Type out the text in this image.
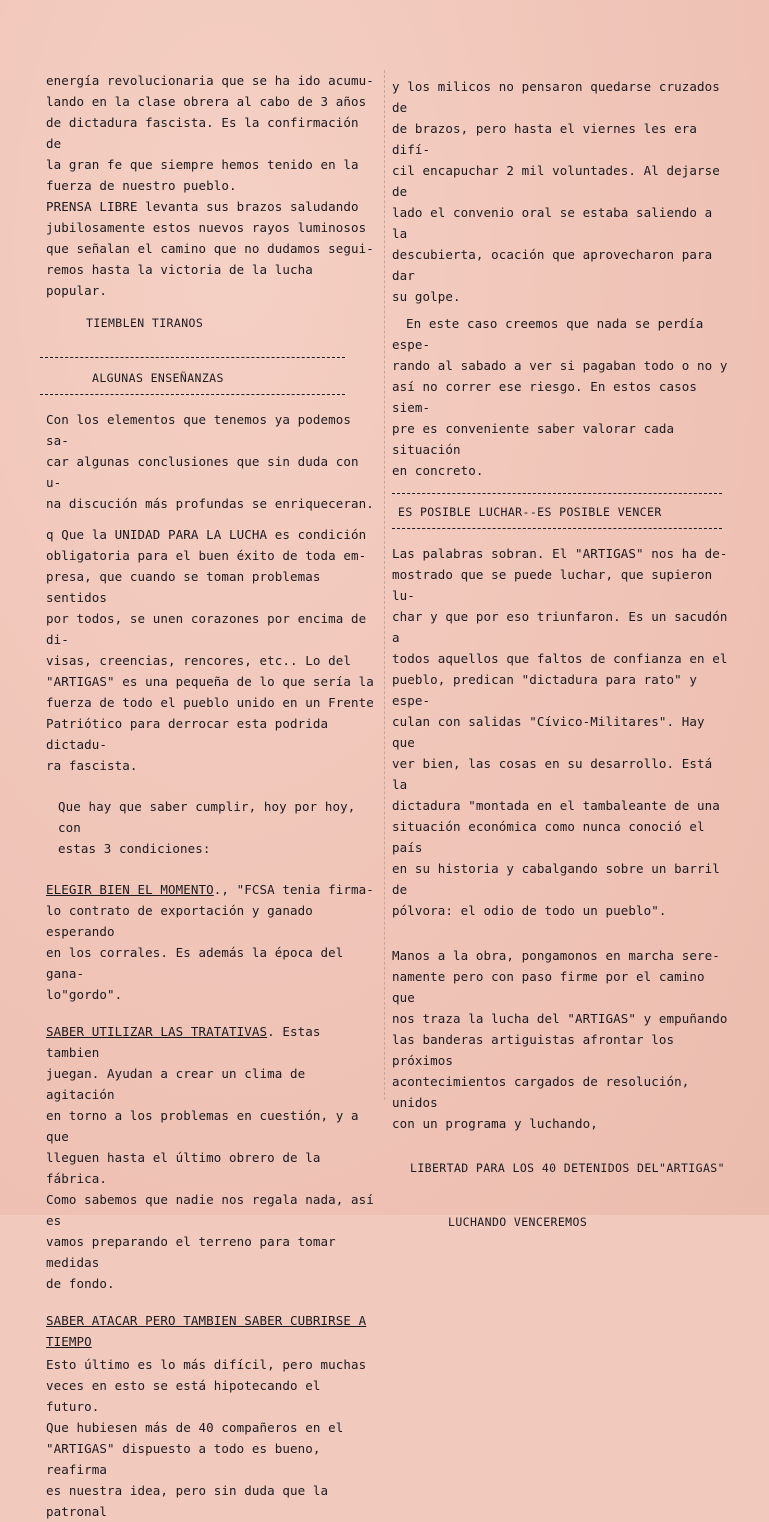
energía revolucionaria que se ha ido acumu-
lando en la clase obrera al cabo de 3 años
de dictadura fascista. Es la confirmación de
la gran fe que siempre hemos tenido en la
fuerza de nuestro pueblo.
PRENSA LIBRE levanta sus brazos saludando
jubilosamente estos nuevos rayos luminosos
que señalan el camino que no dudamos segui-
remos hasta la victoria de la lucha popular.

TIEMBLEN TIRANOS

ALGUNAS ENSEÑANZAS

Con los elementos que tenemos ya podemos sa-
car algunas conclusiones que sin duda con u-
na discución más profundas se enriqueceran.

q Que la UNIDAD PARA LA LUCHA es condición
obligatoria para el buen éxito de toda em-
presa, que cuando se toman problemas sentidos
por todos, se unen corazones por encima de di-
visas, creencias, rencores, etc.. Lo del
"ARTIGAS" es una pequeña de lo que sería la
fuerza de todo el pueblo unido en un Frente
Patriótico para derrocar esta podrida dictadu-
ra fascista.

Que hay que saber cumplir, hoy por hoy, con
estas 3 condiciones:

ELEGIR BIEN EL MOMENTO., "FCSA tenia firma-
lo contrato de exportación y ganado esperando
en los corrales. Es además la época del gana-
lo"gordo".

SABER UTILIZAR LAS TRATATIVAS. Estas tambien
juegan. Ayudan a crear un clima de agitación
en torno a los problemas en cuestión, y a que
lleguen hasta el último obrero de la fábrica.
Como sabemos que nadie nos regala nada, así es
vamos preparando el terreno para tomar medidas
de fondo.

SABER ATACAR PERO TAMBIEN SABER CUBRIRSE A
TIEMPO

Esto último es lo más difícil, pero muchas
veces en esto se está hipotecando el futuro.
Que hubiesen más de 40 compañeros en el
"ARTIGAS" dispuesto a todo es bueno, reafirma
es nuestra idea, pero sin duda que la patronal

y los milicos no pensaron quedarse cruzados de
de brazos, pero hasta el viernes les era difí-
cil encapuchar 2 mil voluntades. Al dejarse de
lado el convenio oral se estaba saliendo a la
descubierta, ocación que aprovecharon para dar
su golpe.

En este caso creemos que nada se perdía espe-
rando al sabado a ver si pagaban todo o no y
así no correr ese riesgo. En estos casos siem-
pre es conveniente saber valorar cada situación
en concreto.

ES POSIBLE LUCHAR--ES POSIBLE VENCER

Las palabras sobran. El "ARTIGAS" nos ha de-
mostrado que se puede luchar, que supieron lu-
char y que por eso triunfaron. Es un sacudón a
todos aquellos que faltos de confianza en el
pueblo, predican "dictadura para rato" y espe-
culan con salidas "Cívico-Militares". Hay que
ver bien, las cosas en su desarrollo. Está la
dictadura "montada en el tambaleante de una
situación económica como nunca conoció el país
en su historia y cabalgando sobre un barril de
pólvora: el odio de todo un pueblo".

Manos a la obra, pongamonos en marcha sere-
namente pero con paso firme por el camino que
nos traza la lucha del "ARTIGAS" y empuñando
las banderas artiguistas afrontar los próximos
acontecimientos cargados de resolución, unidos
con un programa y luchando,

LIBERTAD PARA LOS 40 DETENIDOS DEL"ARTIGAS"

LUCHANDO VENCEREMOS
